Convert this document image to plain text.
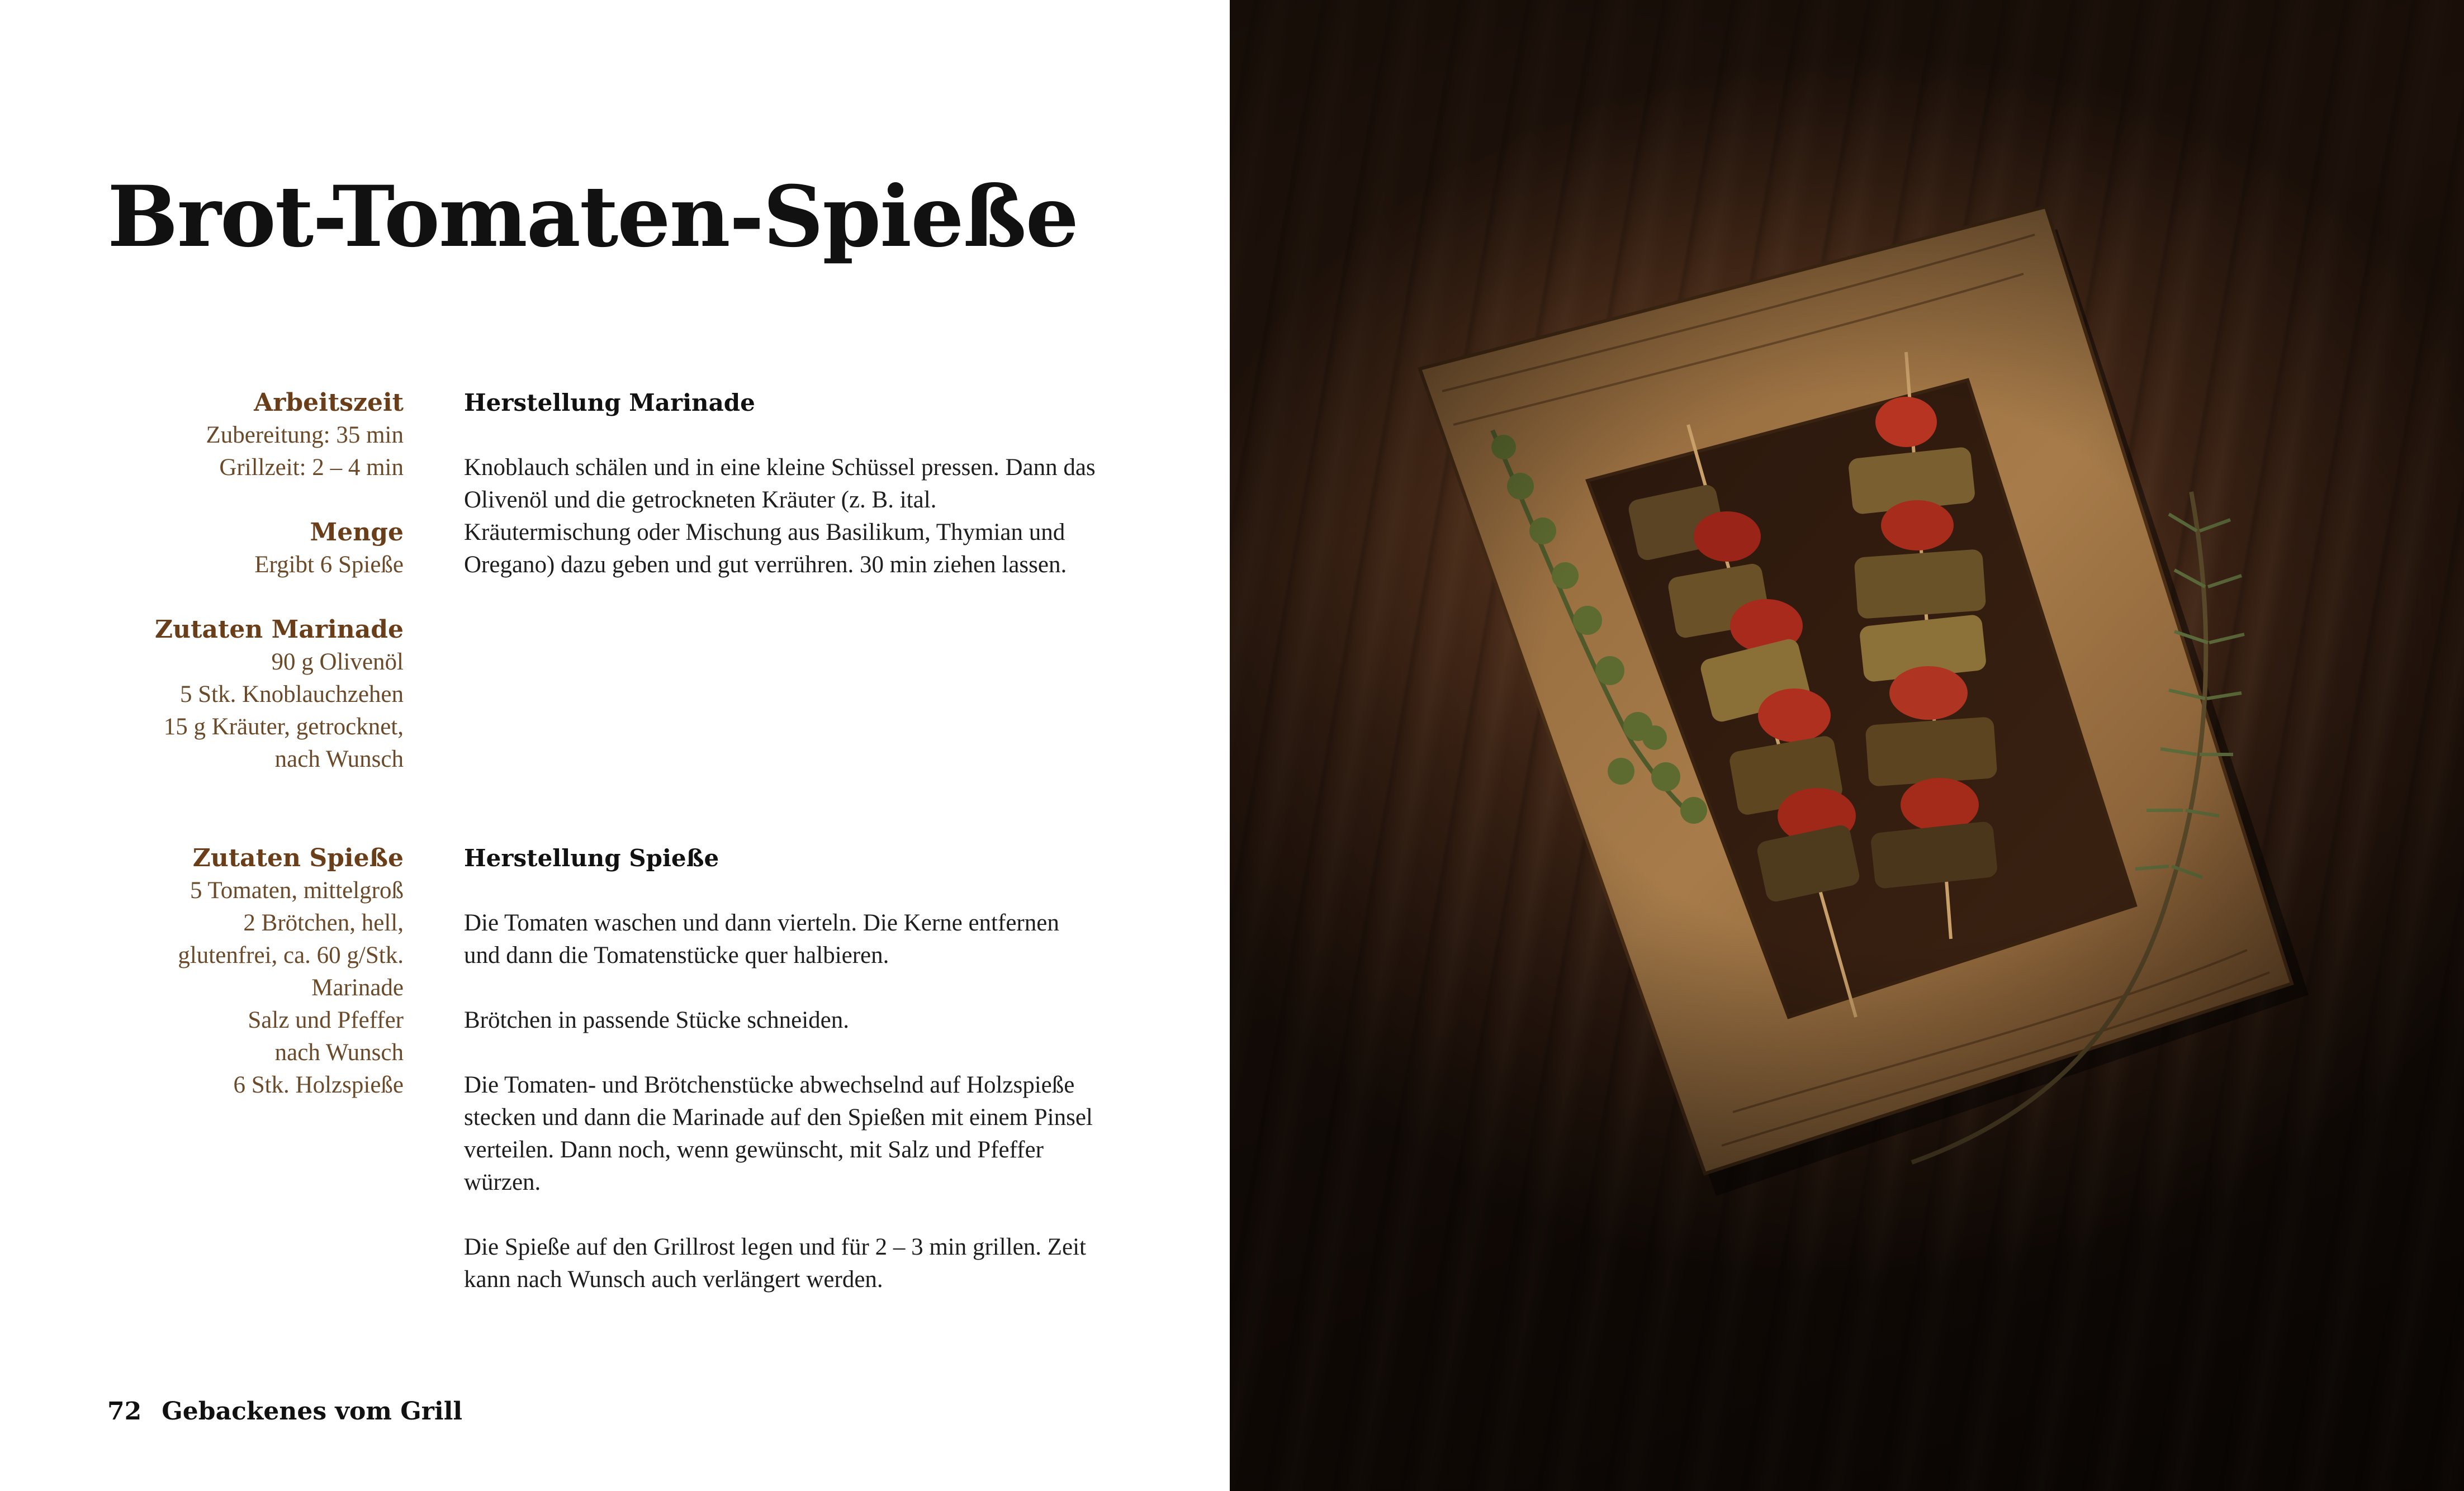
Brot-Tomaten-Spieße
Arbeitszeit
Zubereitung: 35 min
Grillzeit: 2 – 4 min
Menge
Ergibt 6 Spieße
Zutaten Marinade
90 g Olivenöl
5 Stk. Knoblauchzehen
15 g Kräuter, getrocknet,
nach Wunsch
Zutaten Spieße
5 Tomaten, mittelgroß
2 Brötchen, hell,
glutenfrei, ca. 60 g/Stk.
Marinade
Salz und Pfeffer
nach Wunsch
6 Stk. Holzspieße
Herstellung Marinade

Knoblauch schälen und in eine kleine Schüssel pressen. Dann das Olivenöl und die getrockneten Kräuter (z. B. ital. Kräutermischung oder Mischung aus Basilikum, Thymian und Oregano) dazu geben und gut verrühren. 30 min ziehen lassen.

Herstellung Spieße

Die Tomaten waschen und dann vierteln. Die Kerne entfernen und dann die Tomatenstücke quer halbieren.

Brötchen in passende Stücke schneiden.

Die Tomaten- und Brötchenstücke abwechselnd auf Holzspieße stecken und dann die Marinade auf den Spießen mit einem Pinsel verteilen. Dann noch, wenn gewünscht, mit Salz und Pfeffer würzen.

Die Spieße auf den Grillrost legen und für 2 – 3 min grillen. Zeit kann nach Wunsch auch verlängert werden.

72 Gebackenes vom Grill
